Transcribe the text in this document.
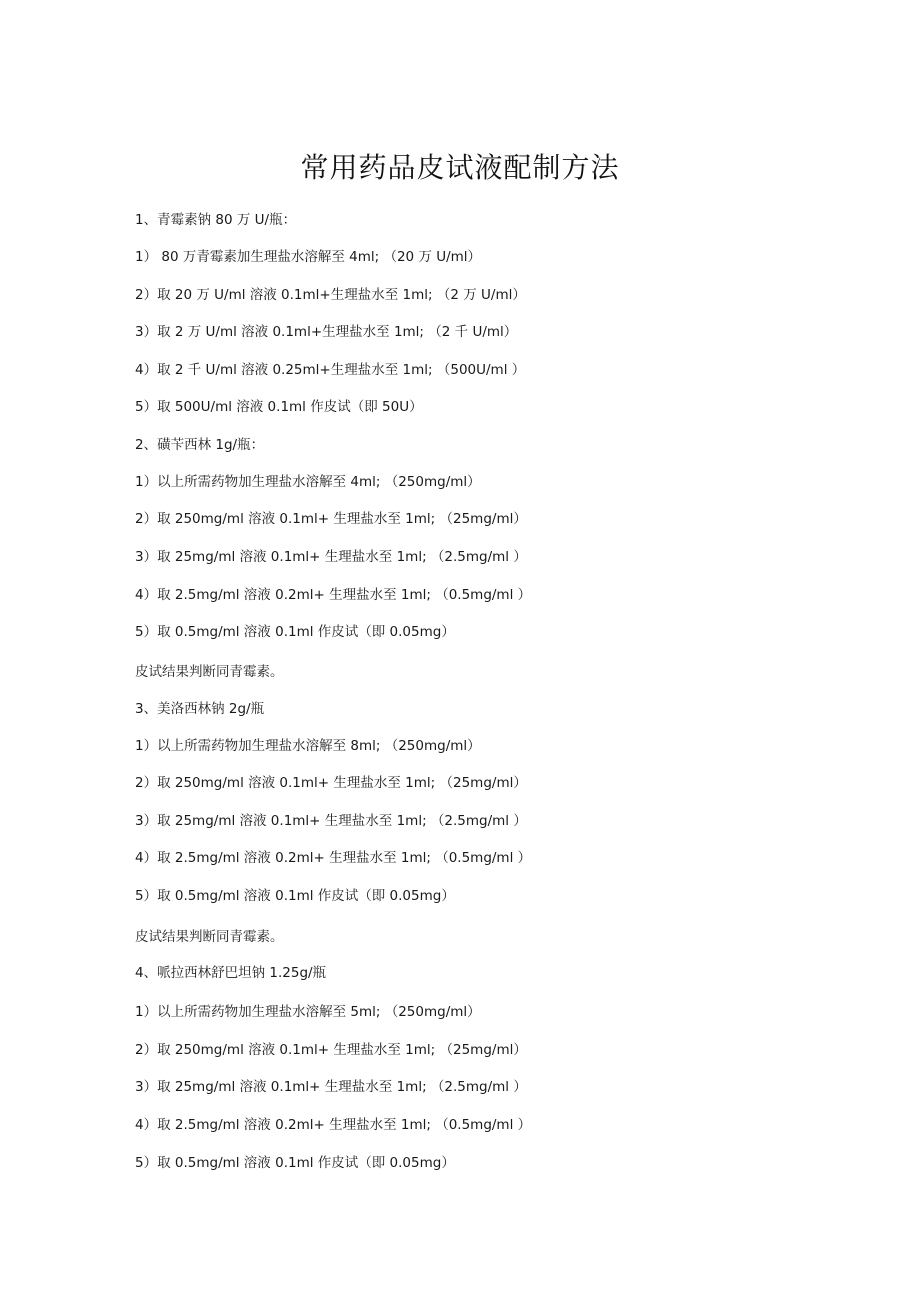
常用药品皮试液配制方法
1、青霉素钠 80 万 U/瓶：
1） 80 万青霉素加生理盐水溶解至 4ml; （20 万 U/ml）
2）取 20 万 U/ml 溶液 0.1ml+生理盐水至 1ml; （2 万 U/ml）
3）取 2 万 U/ml 溶液 0.1ml+生理盐水至 1ml; （2 千 U/ml）
4）取 2 千 U/ml 溶液 0.25ml+生理盐水至 1ml; （500U/ml ）
5）取 500U/ml 溶液 0.1ml 作皮试（即 50U）
2、磺苄西林 1g/瓶：
1）以上所需药物加生理盐水溶解至 4ml; （250mg/ml）
2）取 250mg/ml 溶液 0.1ml+ 生理盐水至 1ml; （25mg/ml）
3）取 25mg/ml 溶液 0.1ml+ 生理盐水至 1ml; （2.5mg/ml ）
4）取 2.5mg/ml 溶液 0.2ml+ 生理盐水至 1ml; （0.5mg/ml ）
5）取 0.5mg/ml 溶液 0.1ml 作皮试（即 0.05mg）
皮试结果判断同青霉素。
3、美洛西林钠 2g/瓶
1）以上所需药物加生理盐水溶解至 8ml; （250mg/ml）
2）取 250mg/ml 溶液 0.1ml+ 生理盐水至 1ml; （25mg/ml）
3）取 25mg/ml 溶液 0.1ml+ 生理盐水至 1ml; （2.5mg/ml ）
4）取 2.5mg/ml 溶液 0.2ml+ 生理盐水至 1ml; （0.5mg/ml ）
5）取 0.5mg/ml 溶液 0.1ml 作皮试（即 0.05mg）
皮试结果判断同青霉素。
4、哌拉西林舒巴坦钠 1.25g/瓶
1）以上所需药物加生理盐水溶解至 5ml; （250mg/ml）
2）取 250mg/ml 溶液 0.1ml+ 生理盐水至 1ml; （25mg/ml）
3）取 25mg/ml 溶液 0.1ml+ 生理盐水至 1ml; （2.5mg/ml ）
4）取 2.5mg/ml 溶液 0.2ml+ 生理盐水至 1ml; （0.5mg/ml ）
5）取 0.5mg/ml 溶液 0.1ml 作皮试（即 0.05mg）
